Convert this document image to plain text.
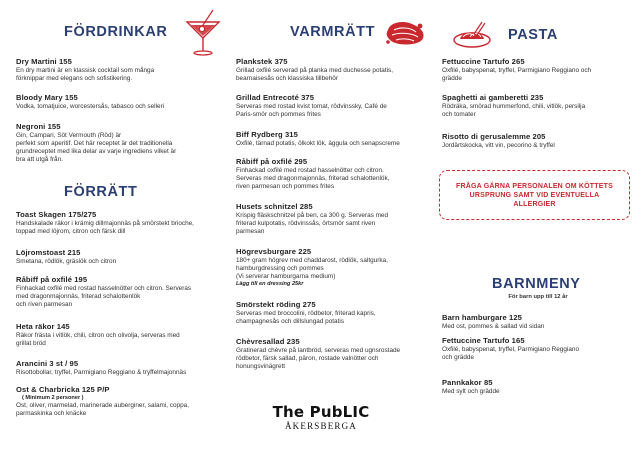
FÖRDRINKAR
Dry Martini 155
En dry martini är en klassisk cocktail som många
förknippar med elegans och sofistikering.
Bloody Mary 155
Vodka, tomatjuice, worcestersås, tabasco och selleri
Negroni 155
Gin, Campari, Söt Vermouth (Röd) är
perfekt som aperitif. Det här receptet är det traditionella
grundreceptet med lika delar av varje ingrediens vilket är
bra att utgå från.
FÖRRÄTT
Toast Skagen 175/275
Handskalade räkor i krämig dillmajonnäs på smörstekt brioche,
toppad med löjrom, citron och färsk dill
Löjromstoast 215
Smetana, rödlök, gräslök och citron
Råbiff på oxfilé 195
Finhackad oxfilé med rostad hasselnötter och citron. Serveras
med dragonmajonnäs, friterad schalottenlök
och riven parmesan
Heta räkor 145
Räkor frästa i vitlök, chili, citron och olivolja, serveras med
grillat bröd
Arancini 3 st / 95
Risottobollar, tryffel, Parmigiano Reggiano & tryffelmajonnäs
Ost & Charbricka 125 P/P
( Minimum 2 personer )
Ost, oliver, marmelad, marinerade auberginer, salami, coppa,
parmaskinka och knäcke
VARMRÄTT
Plankstek 375
Grillad oxfilé serverad på planka med duchesse potatis,
bearnaisesås och klassiska tillbehör
Grillad Entrecoté 375
Serveras med rostad kvist tomat, rödvinssky, Café de
Paris-smör och pommes frites
Biff Rydberg 315
Oxfilé, tärnad potatis, ölkokt lök, äggula och senapscreme
Råbiff på oxfilé 295
Finhackad oxfilé med rostad hasselnötter och citron.
Serveras med dragonmajonnäs, friterad schalottenlök,
riven parmesan och pommes frites
Husets schnitzel 285
Krispig fläskschnitzel på ben, ca 300 g. Serveras med
friterad kulpotatis, rödvinssås, örtsmör samt riven
parmesan
Högrevsburgare 225
180+ gram högrev med chaddarost, rödlök, saltgurka,
hamburgdressing och pommes
(Vi serverar hamburgarna medium)
Lägg till en dressing 25kr
Smörstekt röding 275
Serveras med broccolini, rödbetor, friterad kapris,
champagnesås och dillslungad potatis
Chèvresallad 235
Gratinerad chèvre på lantbröd, serveras med ugnsrostade
rödbetor, färsk sallad, päron, rostade valnötter och
honungsvinägrett
PASTA
Fettuccine Tartufo 265
Oxfilé, babyspenat, tryffel, Parmigiano Reggiano och
grädde
Spaghetti ai gamberetti 235
Rödräka, smörad hummerfond, chili, vitlök, persilja
och tomater
Risotto di gerusalemme 205
Jordärtskocka, vitt vin, pecorino & tryffel
BARNMENY
För barn upp till 12 år
Barn hamburgare 125
Med ost, pommes & sallad vid sidan
Fettuccine Tartufo 165
Oxfilé, babyspenat, tryffel, Parmigiano Reggiano
och grädde
Pannkakor 85
Med sylt och grädde
FRÅGA GÄRNA PERSONALEN OM KÖTTETS URSPRUNG SAMT VID EVENTUELLA ALLERGIER
The PubLIC
ÅKERSBERGA
